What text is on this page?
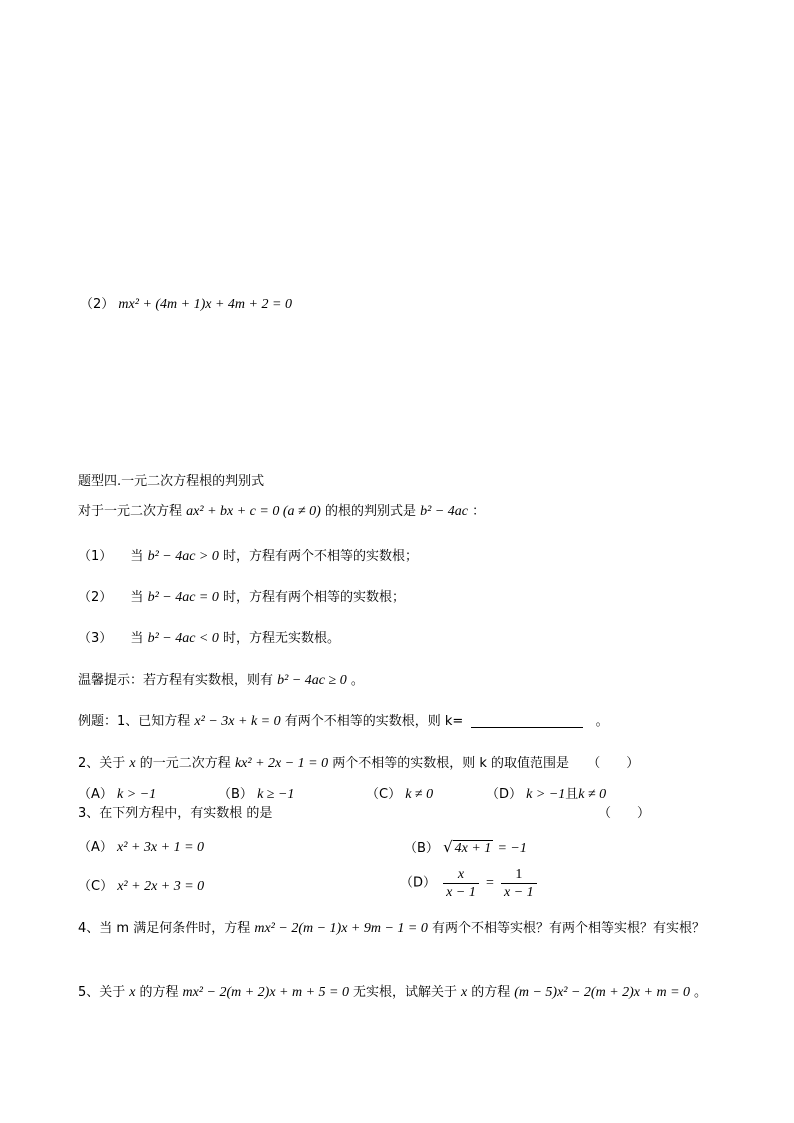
（2） mx² + (4m + 1)x + 4m + 2 = 0
题型四.一元二次方程根的判别式
对于一元二次方程 ax² + bx + c = 0 (a ≠ 0) 的根的判别式是 b² − 4ac ：
（1） 当 b² − 4ac > 0 时，方程有两个不相等的实数根；
（2） 当 b² − 4ac = 0 时，方程有两个相等的实数根；
（3） 当 b² − 4ac < 0 时，方程无实数根。
温馨提示：若方程有实数根，则有 b² − 4ac ≥ 0 。
例题：1、已知方程 x² − 3x + k = 0 有两个不相等的实数根，则 k=	。
2、关于 x 的一元二次方程 kx² + 2x − 1 = 0 两个不相等的实数根，则 k 的取值范围是 （　　）
（A） k > −1	（B） k ≥ −1	（C） k ≠ 0	（D） k > −1且k ≠ 0
3、在下列方程中，有实数根 的是	（　　）
（A） x² + 3x + 1 = 0	（B） √ 4x + 1 = −1
（C） x² + 2x + 3 = 0	$(D) \frac{x}{x - 1} = \frac{1}{x - 1}$
4、当 m 满足何条件时，方程 mx² − 2(m − 1)x + 9m − 1 = 0 有两个不相等实根？有两个相等实根？有实根？
5、关于 x 的方程 mx² − 2(m + 2)x + m + 5 = 0 无实根，试解关于 x 的方程 (m − 5)x² − 2(m + 2)x + m = 0 。
